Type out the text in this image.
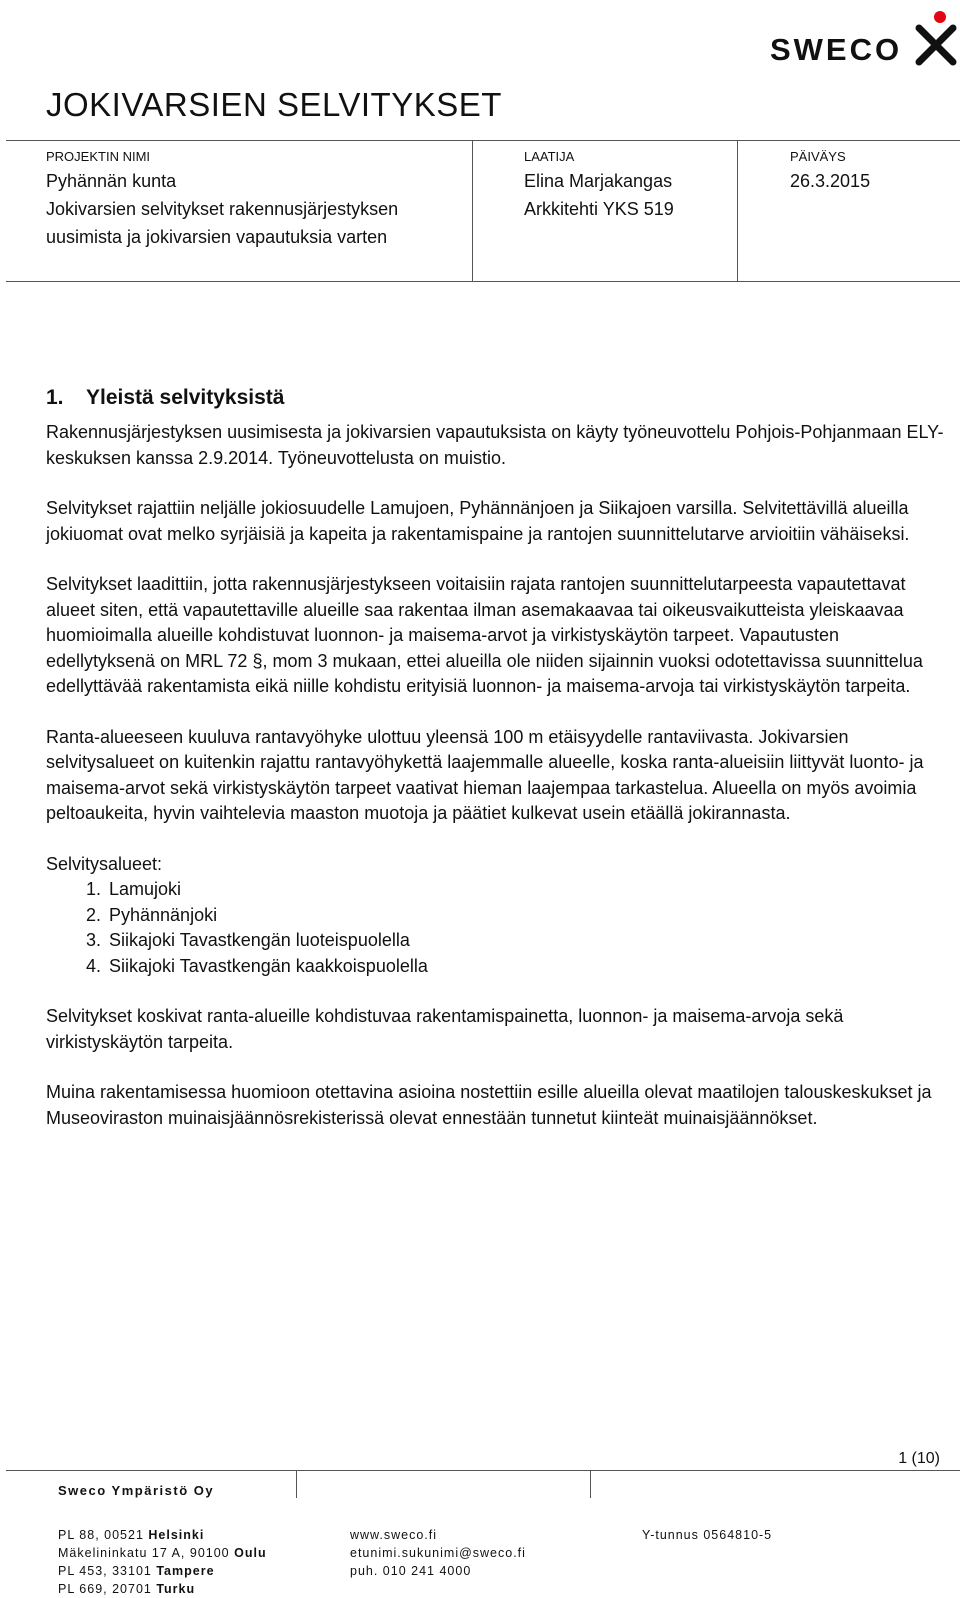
SWECO
JOKIVARSIEN SELVITYKSET
PROJEKTIN NIMI
Pyhännän kunta
Jokivarsien selvitykset rakennusjärjestyksen
uusimista ja jokivarsien vapautuksia varten
LAATIJA
Elina Marjakangas
Arkkitehti YKS 519
PÄIVÄYS
26.3.2015
1. Yleistä selvityksistä

Rakennusjärjestyksen uusimisesta ja jokivarsien vapautuksista on käyty työneuvottelu Pohjois-Pohjanmaan ELY-keskuksen kanssa 2.9.2014. Työneuvottelusta on muistio.

Selvitykset rajattiin neljälle jokiosuudelle Lamujoen, Pyhännänjoen ja Siikajoen varsilla. Selvitettävillä alueilla jokiuomat ovat melko syrjäisiä ja kapeita ja rakentamispaine ja rantojen suunnittelutarve arvioitiin vähäiseksi.

Selvitykset laadittiin, jotta rakennusjärjestykseen voitaisiin rajata rantojen suunnittelutarpeesta vapautettavat alueet siten, että vapautettaville alueille saa rakentaa ilman asemakaavaa tai oikeusvaikutteista yleiskaavaa huomioimalla alueille kohdistuvat luonnon- ja maisema-arvot ja virkistyskäytön tarpeet. Vapautusten edellytyksenä on MRL 72 §, mom 3 mukaan, ettei alueilla ole niiden sijainnin vuoksi odotettavissa suunnittelua edellyttävää rakentamista eikä niille kohdistu erityisiä luonnon- ja maisema-arvoja tai virkistyskäytön tarpeita.

Ranta-alueeseen kuuluva rantavyöhyke ulottuu yleensä 100 m etäisyydelle rantaviivasta. Jokivarsien selvitysalueet on kuitenkin rajattu rantavyöhykettä laajemmalle alueelle, koska ranta-alueisiin liittyvät luonto- ja maisema-arvot sekä virkistyskäytön tarpeet vaativat hieman laajempaa tarkastelua. Alueella on myös avoimia peltoaukeita, hyvin vaihtelevia maaston muotoja ja päätiet kulkevat usein etäällä jokirannasta.

Selvitysalueet:

1. Lamujoki
2. Pyhännänjoki
3. Siikajoki Tavastkengän luoteispuolella
4. Siikajoki Tavastkengän kaakkoispuolella

Selvitykset koskivat ranta-alueille kohdistuvaa rakentamispainetta, luonnon- ja maisema-arvoja sekä virkistyskäytön tarpeita.

Muina rakentamisessa huomioon otettavina asioina nostettiin esille alueilla olevat maatilojen talouskeskukset ja Museoviraston muinaisjäännösrekisterissä olevat ennestään tunnetut kiinteät muinaisjäännökset.

1 (10)
Sweco Ympäristö Oy
PL 88, 00521 Helsinki
Mäkelininkatu 17 A, 90100 Oulu
PL 453, 33101 Tampere
PL 669, 20701 Turku
www.sweco.fi
etunimi.sukunimi@sweco.fi
puh. 010 241 4000
Y-tunnus 0564810-5
